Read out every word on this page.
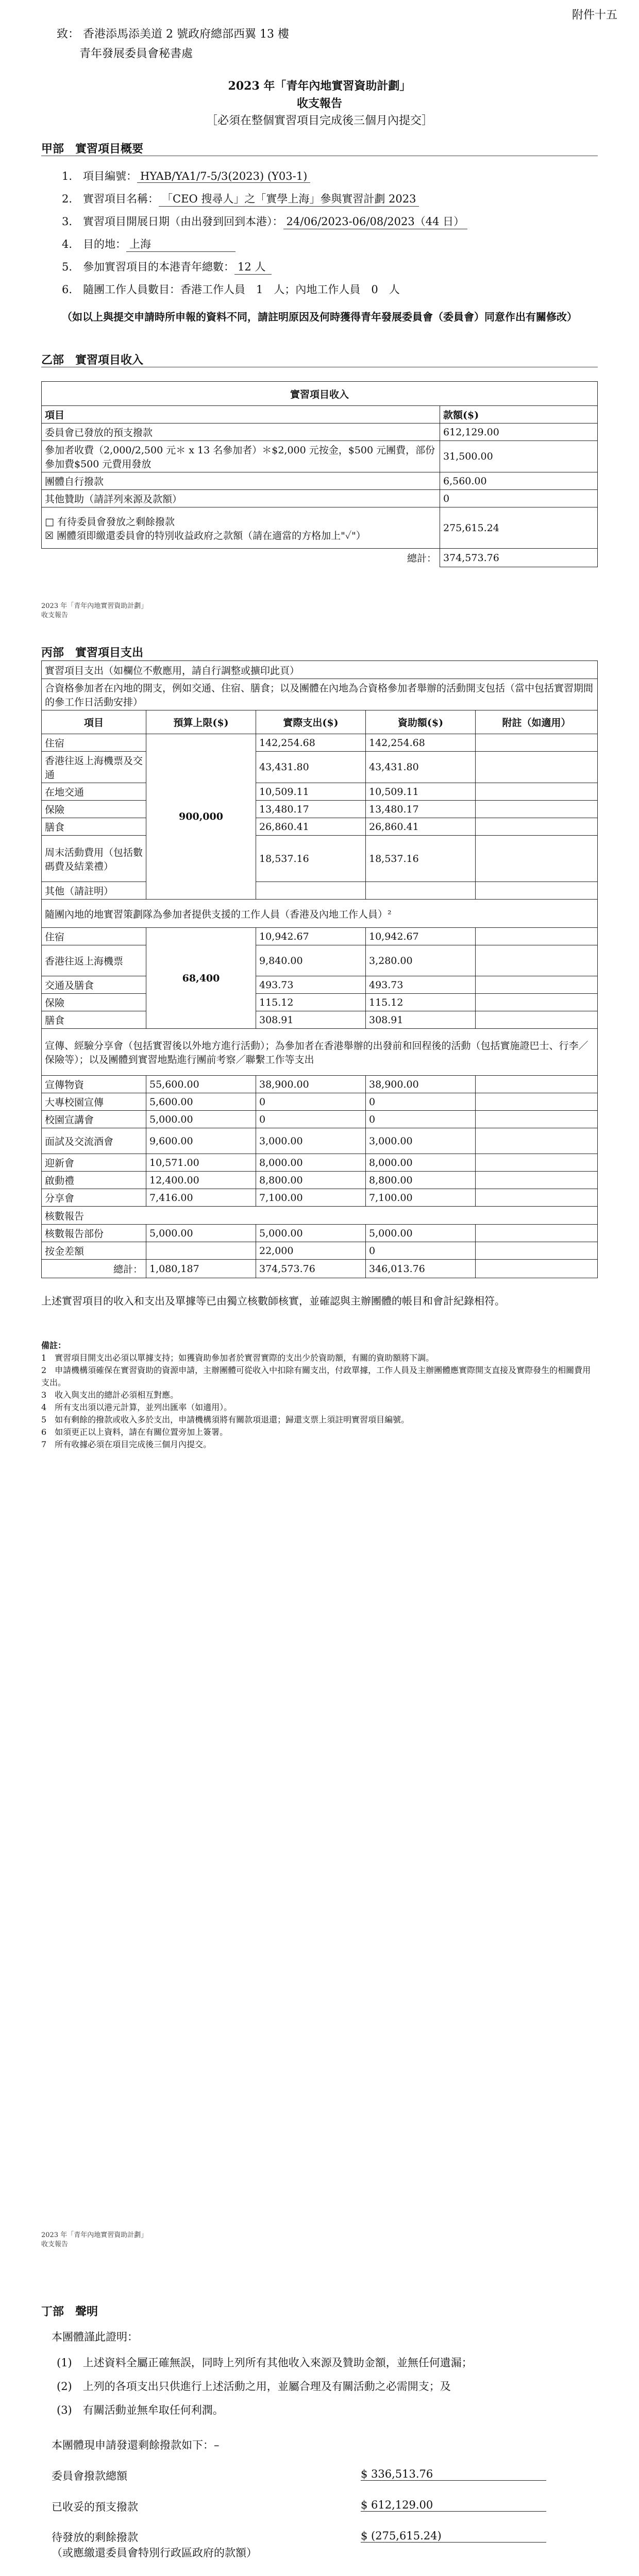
附件十五
致： 香港添馬添美道 2 號政府總部西翼 13 樓
青年發展委員會秘書處
2023 年「青年內地實習資助計劃」
收支報告
［必須在整個實習項目完成後三個月內提交］
甲部　實習項目概要
1.　項目編號： HYAB/YA1/7-5/3(2023) (Y03-1)
2.　實習項目名稱： 「CEO 搜尋人」之「實學上海」參與實習計劃 2023
3.　實習項目開展日期（由出發到回到本港）： 24/06/2023-06/08/2023（44 日）
4.　目的地： 上海
5.　參加實習項目的本港青年總數： 12 人
6.　隨團工作人員數目：香港工作人員　1　人；內地工作人員　0　人
（如以上與提交申請時所申報的資料不同，請註明原因及何時獲得青年發展委員會（委員會）同意作出有關修改）
乙部　實習項目收入
實習項目收入	
項目	款額($)
委員會已發放的預支撥款	612,129.00
參加者收費（2,000/2,500 元＊ x 13 名參加者）＊$2,000 元按金，$500 元團費，部份參加費$500 元費用發放	31,500.00
團體自行撥款	6,560.00
其他贊助（請詳列來源及款額）	0
□ 有待委員會發放之剩餘撥款
☒ 團體須即繳還委員會的特別收益政府之款額（請在適當的方格加上"✓"）	275,615.24
總計：	374,573.76
2023 年「青年內地實習資助計劃」
收支報告
丙部　實習項目支出
實習項目支出（如欄位不敷應用，請自行調整或擴印此頁）				
合資格參加者在內地的開支，例如交通、住宿、膳食；以及團體在內地為合資格參加者舉辦的活動開支包括（當中包括實習期間的參工作日活動安排）				
項目	預算上限($)	實際支出($)	資助額($)	附註（如適用）
住宿	900,000	142,254.68	142,254.68	
香港往返上海機票及交通		43,431.80	43,431.80	
在地交通		10,509.11	10,509.11	
保險		13,480.17	13,480.17	
膳食		26,860.41	26,860.41	
周末活動費用（包括數碼費及結業禮）		18,537.16	18,537.16	
其他（請註明）				
隨團內地的地實習策劃隊為參加者提供支援的工作人員（香港及內地工作人員）²				
住宿	68,400	10,942.67	10,942.67	
香港往返上海機票		9,840.00	3,280.00	
交通及膳食		493.73	493.73	
保險		115.12	115.12	
膳食		308.91	308.91	
宣傳、經驗分享會（包括實習後以外地方進行活動）；為參加者在香港舉辦的出發前和回程後的活動（包括實施證巴士、行李／保險等）；以及團體到實習地點進行團前考察／聯繫工作等支出				
宣傳物資	55,600.00	38,900.00	38,900.00	
大專校園宣傳	5,600.00	0	0	
校園宣講會	5,000.00	0	0	
面試及交流酒會	9,600.00	3,000.00	3,000.00	
迎新會	10,571.00	8,000.00	8,000.00	
啟動禮	12,400.00	8,800.00	8,800.00	
分享會	7,416.00	7,100.00	7,100.00	
核數報告				
核數報告部份	5,000.00	5,000.00	5,000.00	
按金差額		22,000	0	
總計：	1,080,187	374,573.76	346,013.76	
上述實習項目的收入和支出及單據等已由獨立核數師核實，並確認與主辦團體的帳目和會計紀錄相符。
備註：
1　實習項目開支出必須以單據支持；如獲資助參加者於實習實際的支出少於資助額，有關的資助額將下調。
2　申請機構須確保在實習資助的資源申請，主辦團體可從收入中扣除有關支出，付政單據，工作人員及主辦團體應實際開支直接及實際發生的相關費用支出。
3　收入與支出的總計必須相互對應。
4　所有支出須以港元計算，並列出匯率（如適用）。
5　如有剩餘的撥款或收入多於支出，申請機構須將有關款項退還；歸還支票上須註明實習項目編號。
6　如須更正以上資料，請在有關位置旁加上簽署。
7　所有收據必須在項目完成後三個月內提交。
2023 年「青年內地實習資助計劃」
收支報告
丁部　聲明
本團體謹此證明：
(1)　上述資料全屬正確無誤，同時上列所有其他收入來源及贊助金額，並無任何遺漏；
(2)　上列的各項支出只供進行上述活動之用，並屬合理及有關活動之必需開支；及
(3)　有關活動並無牟取任何利潤。
本團體現申請發還剩餘撥款如下：–
委員會撥款總額	$ 336,513.76
已收妥的預支撥款	$ 612,129.00
待發放的剩餘撥款
（或應繳還委員會特別行政區政府的款額）
$ (275,615.24)
